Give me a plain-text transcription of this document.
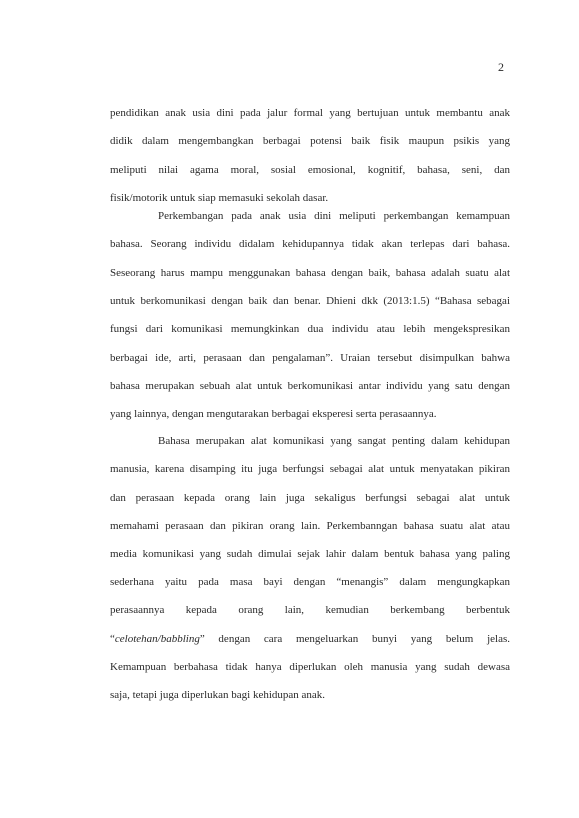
2
pendidikan anak usia dini pada jalur formal yang bertujuan untuk membantu anak
didik dalam mengembangkan berbagai potensi baik fisik maupun psikis yang
meliputi nilai agama moral, sosial emosional, kognitif, bahasa, seni, dan
fisik/motorik untuk siap memasuki sekolah dasar.
Perkembangan pada anak usia dini meliputi perkembangan kemampuan
bahasa. Seorang individu didalam kehidupannya tidak akan terlepas dari bahasa.
Seseorang harus mampu menggunakan bahasa dengan baik, bahasa adalah suatu alat
untuk berkomunikasi dengan baik dan benar. Dhieni dkk (2013:1.5) “Bahasa sebagai
fungsi dari komunikasi memungkinkan dua individu atau lebih mengekspresikan
berbagai ide, arti, perasaan dan pengalaman”. Uraian tersebut disimpulkan bahwa
bahasa merupakan sebuah alat untuk berkomunikasi antar individu yang satu dengan
yang lainnya, dengan mengutarakan berbagai eksperesi serta perasaannya.
Bahasa merupakan alat komunikasi yang sangat penting dalam kehidupan
manusia, karena disamping itu juga berfungsi sebagai alat untuk menyatakan pikiran
dan perasaan kepada orang lain juga sekaligus berfungsi sebagai alat untuk
memahami perasaan dan pikiran orang lain. Perkembanngan bahasa suatu alat atau
media komunikasi yang sudah dimulai sejak lahir dalam bentuk bahasa yang paling
sederhana yaitu pada masa bayi dengan “menangis” dalam mengungkapkan
perasaannya kepada orang lain, kemudian berkembang berbentuk
“celotehan/babbling” dengan cara mengeluarkan bunyi yang belum jelas.
Kemampuan berbahasa tidak hanya diperlukan oleh manusia yang sudah dewasa
saja, tetapi juga diperlukan bagi kehidupan anak.
